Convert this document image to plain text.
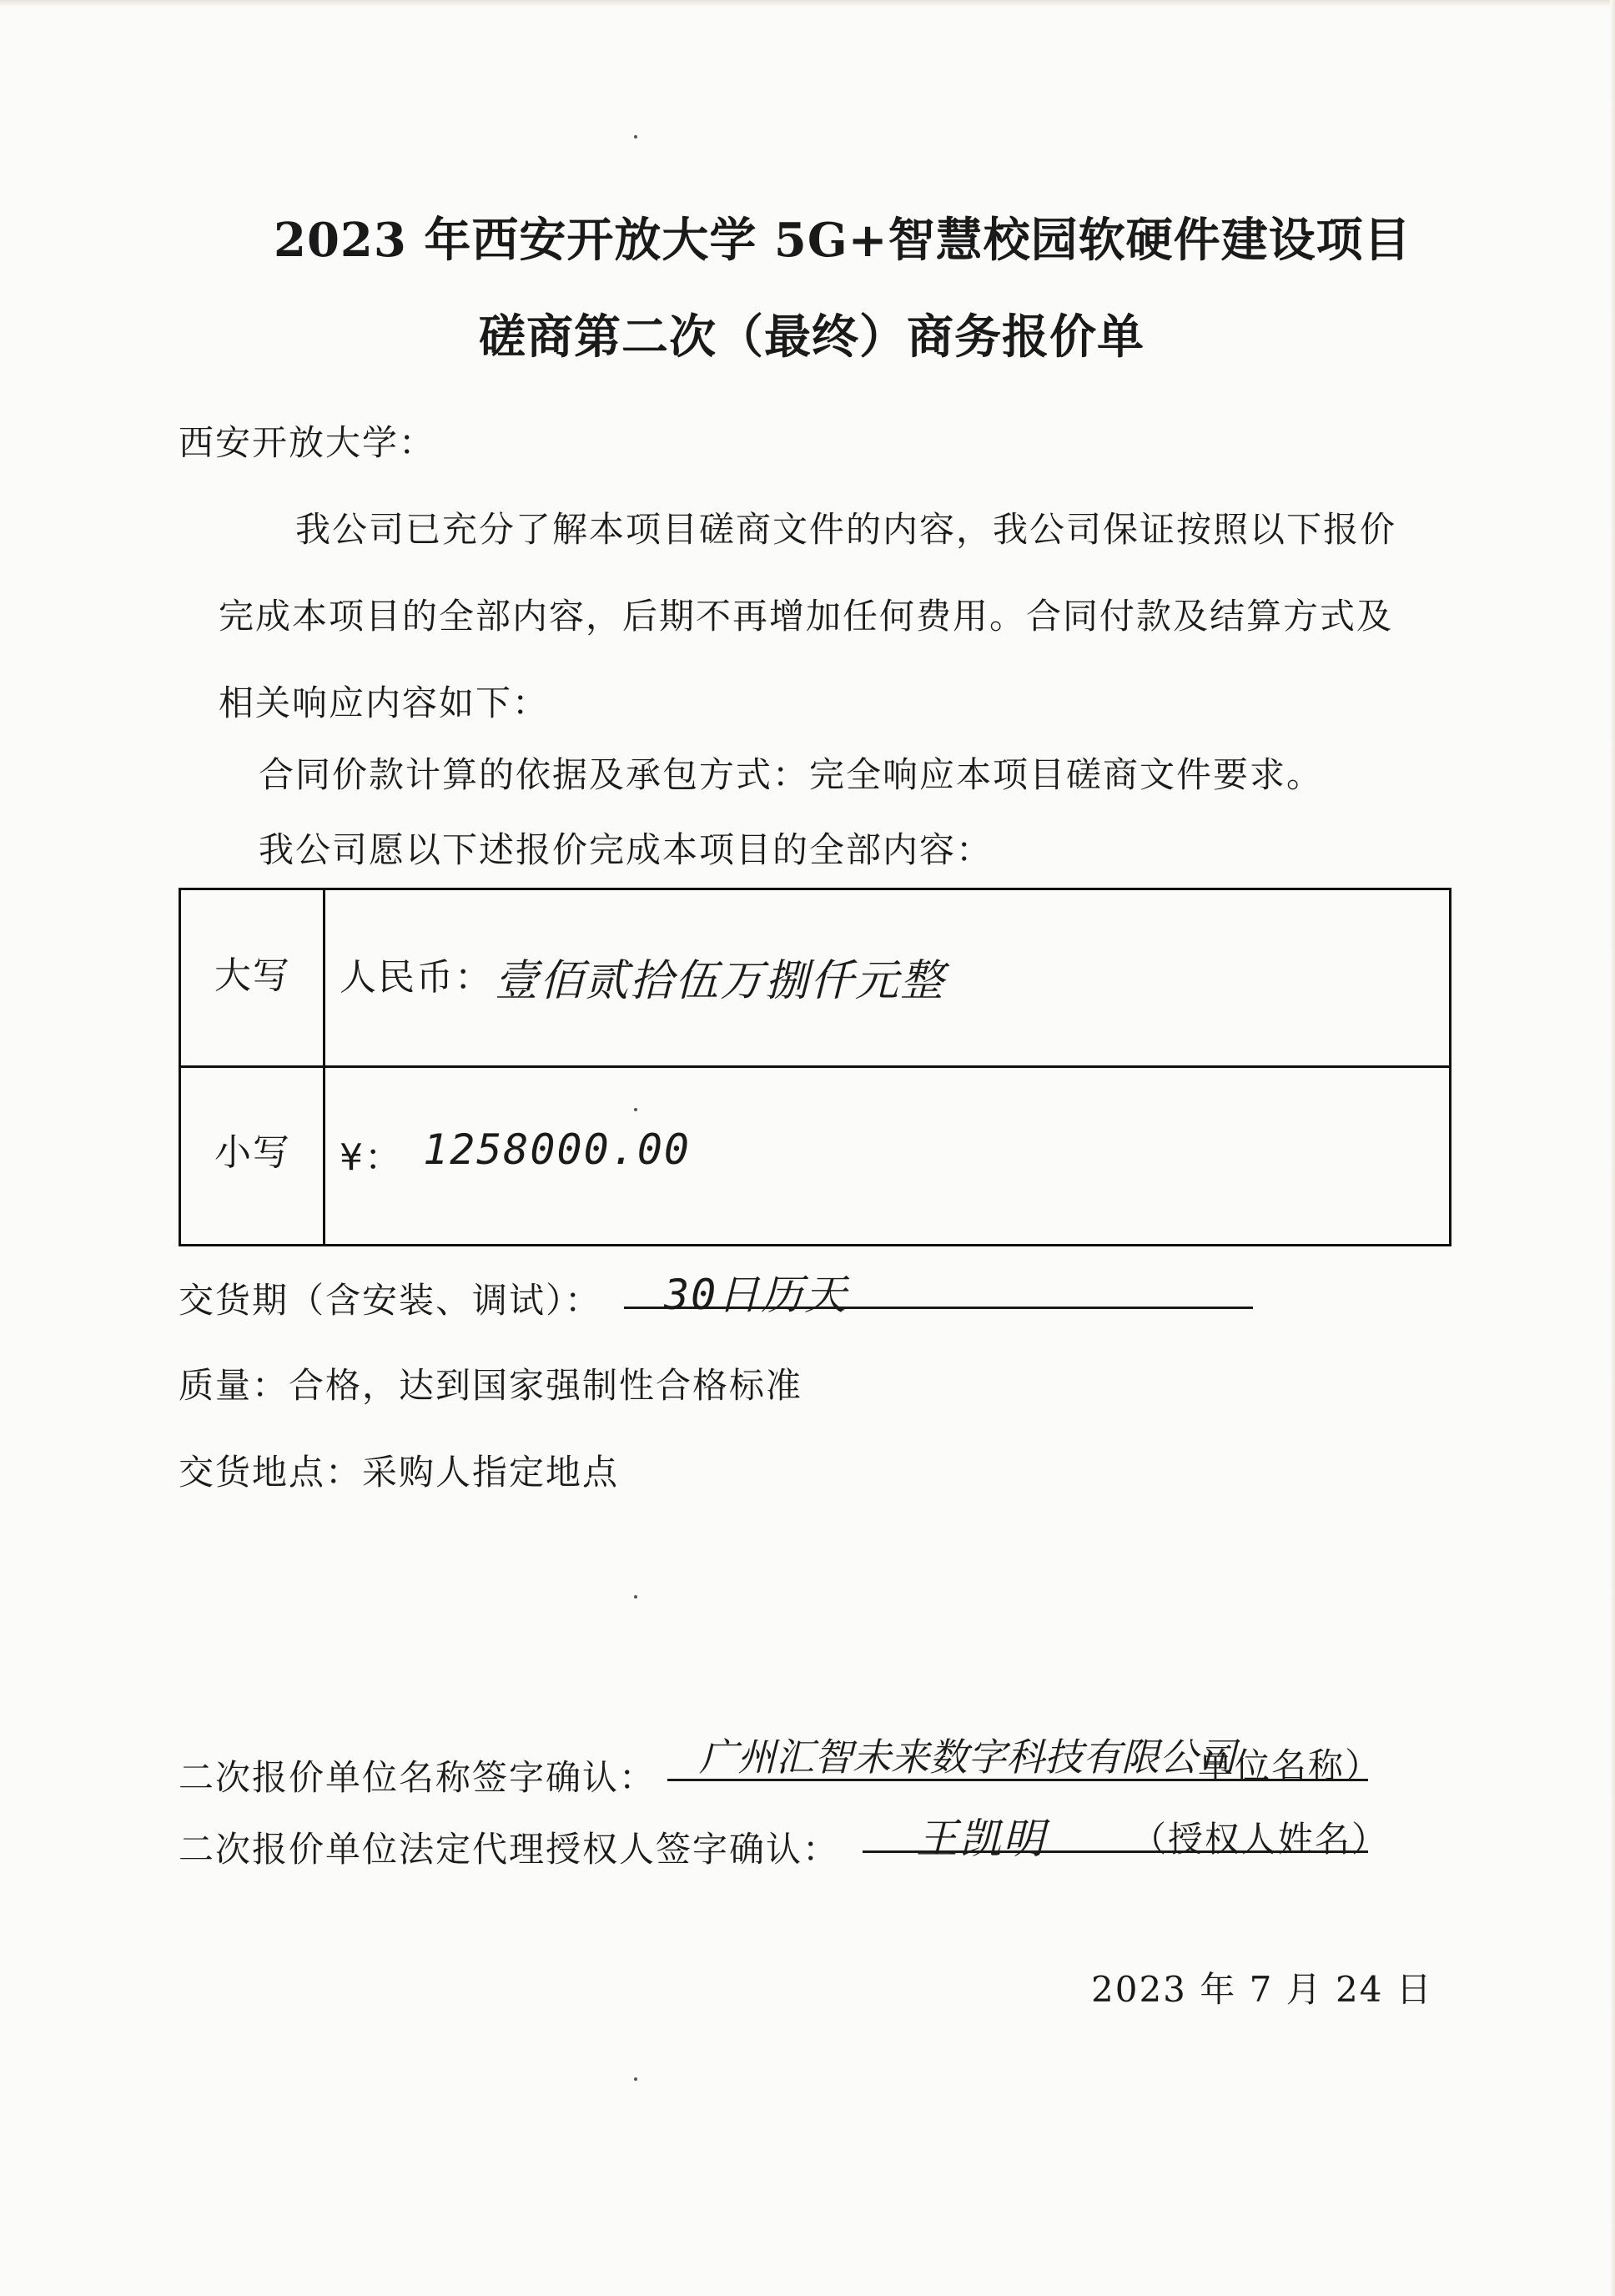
2023 年西安开放大学 5G+智慧校园软硬件建设项目
磋商第二次（最终）商务报价单
西安开放大学：
我公司已充分了解本项目磋商文件的内容，我公司保证按照以下报价
完成本项目的全部内容，后期不再增加任何费用。合同付款及结算方式及
相关响应内容如下：
合同价款计算的依据及承包方式：完全响应本项目磋商文件要求。
我公司愿以下述报价完成本项目的全部内容：
大写 人民币： 壹佰贰拾伍万捌仟元整
小写 ¥： 1258000.00
交货期（含安装、调试）： 30日历天
质量：合格，达到国家强制性合格标准
交货地点：采购人指定地点
二次报价单位名称签字确认： 广州汇智未来数字科技有限公司
单位名称）
二次报价单位法定代理授权人签字确认： 王凯明 （授权人姓名）
2023 年 7 月 24 日
